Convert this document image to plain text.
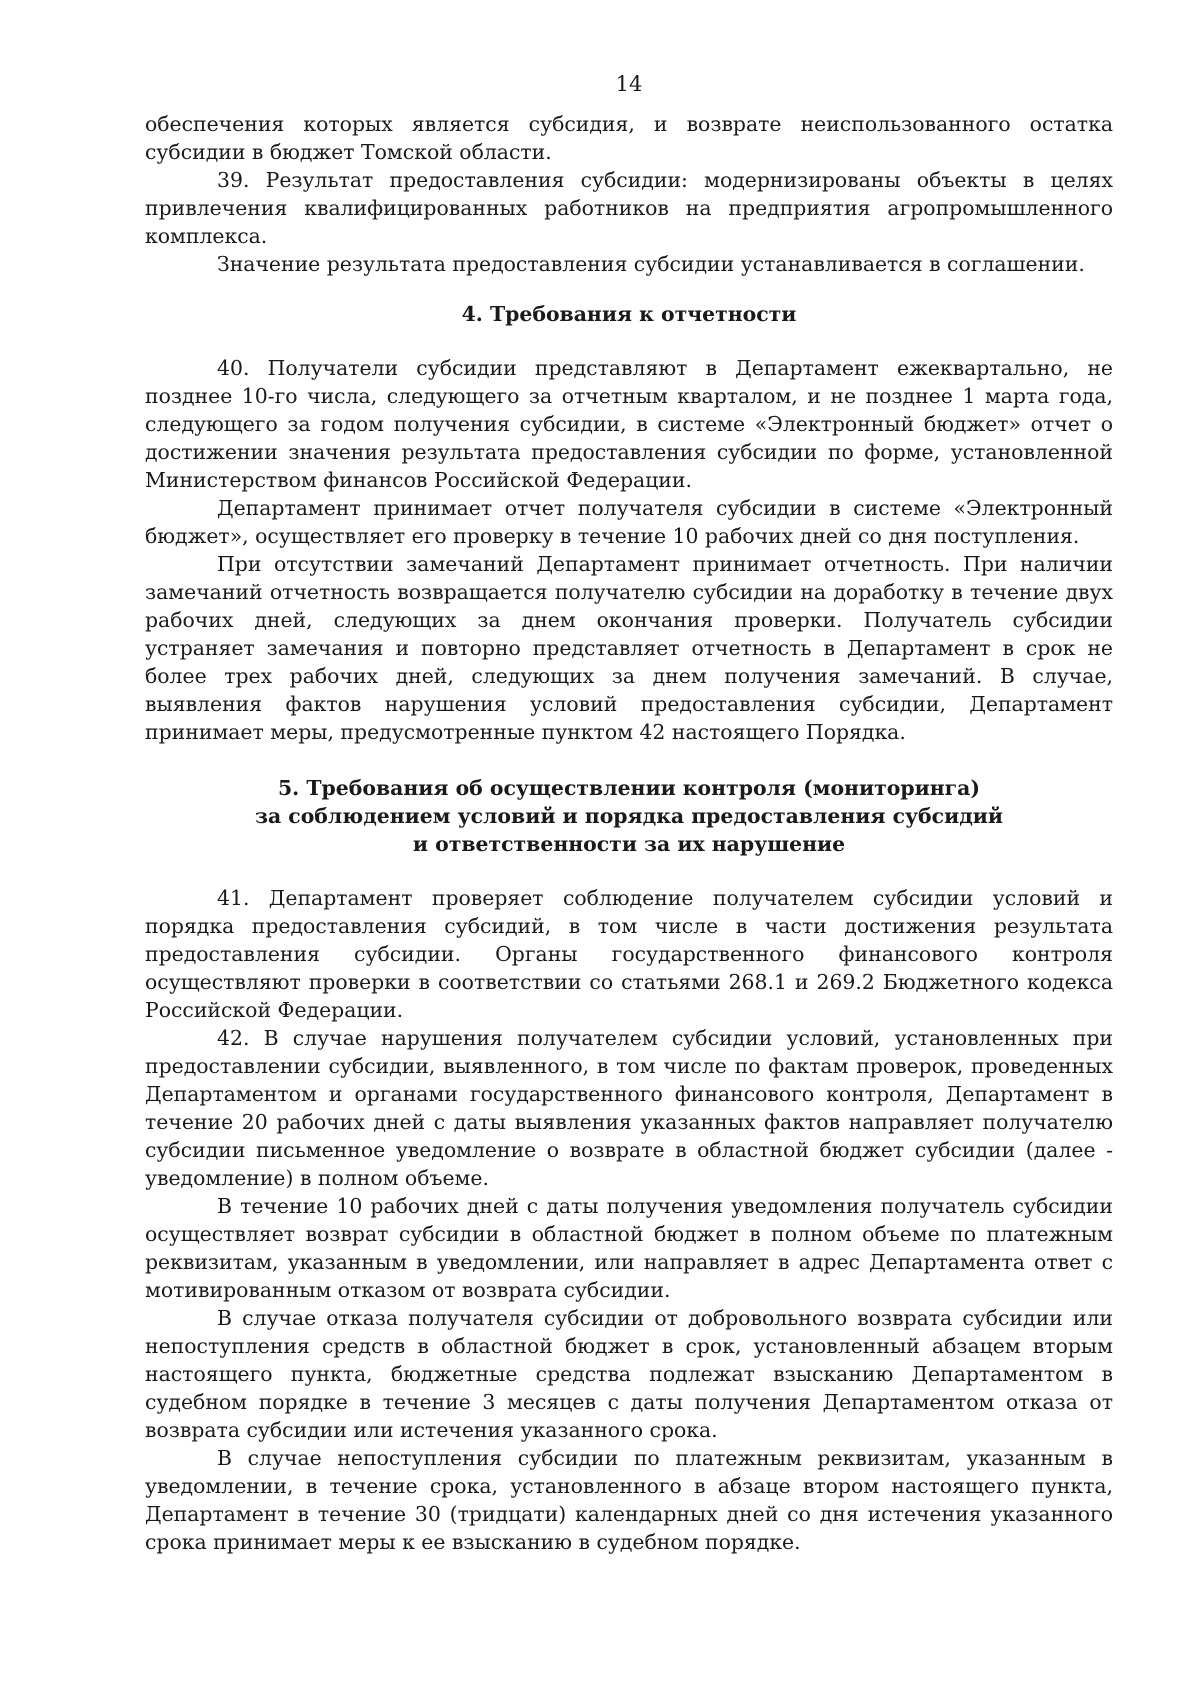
14

обеспечения которых является субсидия, и возврате неиспользованного остатка субсидии в бюджет Томской области.

39. Результат предоставления субсидии: модернизированы объекты в целях привлечения квалифицированных работников на предприятия агропромышленного комплекса.

Значение результата предоставления субсидии устанавливается в соглашении.

4. Требования к отчетности

40. Получатели субсидии представляют в Департамент ежеквартально, не позднее 10-го числа, следующего за отчетным кварталом, и не позднее 1 марта года, следующего за годом получения субсидии, в системе «Электронный бюджет» отчет о достижении значения результата предоставления субсидии по форме, установленной Министерством финансов Российской Федерации.

Департамент принимает отчет получателя субсидии в системе «Электронный бюджет», осуществляет его проверку в течение 10 рабочих дней со дня поступления.

При отсутствии замечаний Департамент принимает отчетность. При наличии замечаний отчетность возвращается получателю субсидии на доработку в течение двух рабочих дней, следующих за днем окончания проверки. Получатель субсидии устраняет замечания и повторно представляет отчетность в Департамент в срок не более трех рабочих дней, следующих за днем получения замечаний. В случае, выявления фактов нарушения условий предоставления субсидии, Департамент принимает меры, предусмотренные пунктом 42 настоящего Порядка.

5. Требования об осуществлении контроля (мониторинга)
за соблюдением условий и порядка предоставления субсидий
и ответственности за их нарушение

41. Департамент проверяет соблюдение получателем субсидии условий и порядка предоставления субсидий, в том числе в части достижения результата предоставления субсидии. Органы государственного финансового контроля осуществляют проверки в соответствии со статьями 268.1 и 269.2 Бюджетного кодекса Российской Федерации.

42. В случае нарушения получателем субсидии условий, установленных при предоставлении субсидии, выявленного, в том числе по фактам проверок, проведенных Департаментом и органами государственного финансового контроля, Департамент в течение 20 рабочих дней с даты выявления указанных фактов направляет получателю субсидии письменное уведомление о возврате в областной бюджет субсидии (далее - уведомление) в полном объеме.

В течение 10 рабочих дней с даты получения уведомления получатель субсидии осуществляет возврат субсидии в областной бюджет в полном объеме по платежным реквизитам, указанным в уведомлении, или направляет в адрес Департамента ответ с мотивированным отказом от возврата субсидии.

В случае отказа получателя субсидии от добровольного возврата субсидии или непоступления средств в областной бюджет в срок, установленный абзацем вторым настоящего пункта, бюджетные средства подлежат взысканию Департаментом в судебном порядке в течение 3 месяцев с даты получения Департаментом отказа от возврата субсидии или истечения указанного срока.

В случае непоступления субсидии по платежным реквизитам, указанным в уведомлении, в течение срока, установленного в абзаце втором настоящего пункта, Департамент в течение 30 (тридцати) календарных дней со дня истечения указанного срока принимает меры к ее взысканию в судебном порядке.
